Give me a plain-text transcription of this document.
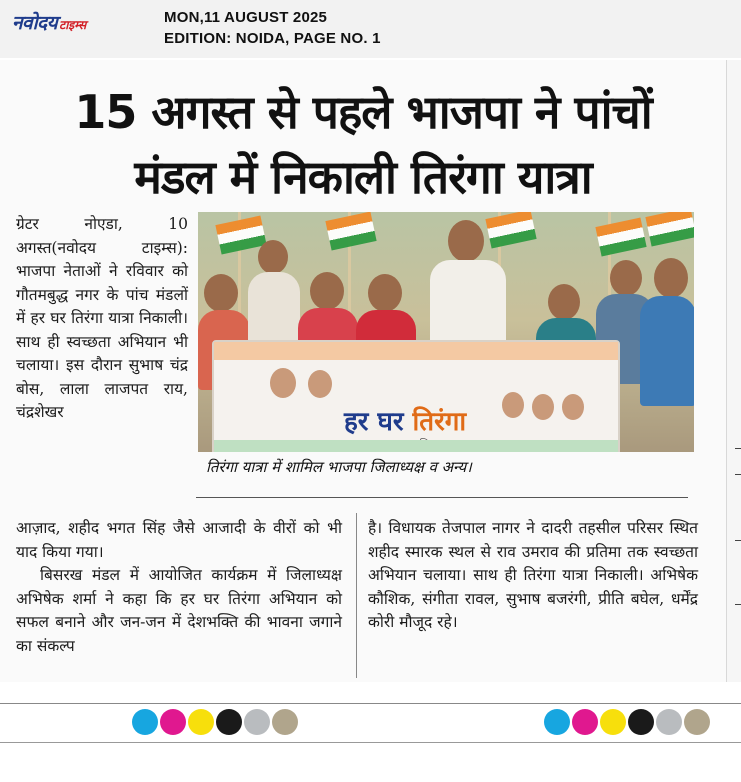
नवोदय टाइम्स	MON,11 AUGUST 2025
EDITION: NOIDA, PAGE NO. 1
15 अगस्त से पहले भाजपा ने पांचों
मंडल में निकाली तिरंगा यात्रा
ग्रेटर नोएडा, 10 अगस्त(नवोदय टाइम्स): भाजपा नेताओं ने रविवार को गौतमबुद्ध नगर के पांच मंडलों में हर घर तिरंगा यात्रा निकाली। साथ ही स्वच्छता अभियान भी चलाया। इस दौरान सुभाष चंद्र बोस, लाला लाजपत राय, चंद्रशेखर	हर घर तिरंगा
तिरंगा यात्रा में शामिल भाजपा जिलाध्यक्ष व अन्य।
आज़ाद, शहीद भगत सिंह जैसे आजादी के वीरों को भी याद किया गया।
बिसरख मंडल में आयोजित कार्यक्रम में जिलाध्यक्ष अभिषेक शर्मा ने कहा कि हर घर तिरंगा अभियान को सफल बनाने और जन-जन में देशभक्ति की भावना जगाने का संकल्प
है। विधायक तेजपाल नागर ने दादरी तहसील परिसर स्थित शहीद स्मारक स्थल से राव उमराव की प्रतिमा तक स्वच्छता अभियान चलाया। साथ ही तिरंगा यात्रा निकाली। अभिषेक कौशिक, संगीता रावल, सुभाष बजरंगी, प्रीति बघेल, धर्मेंद्र कोरी मौजूद रहे।
